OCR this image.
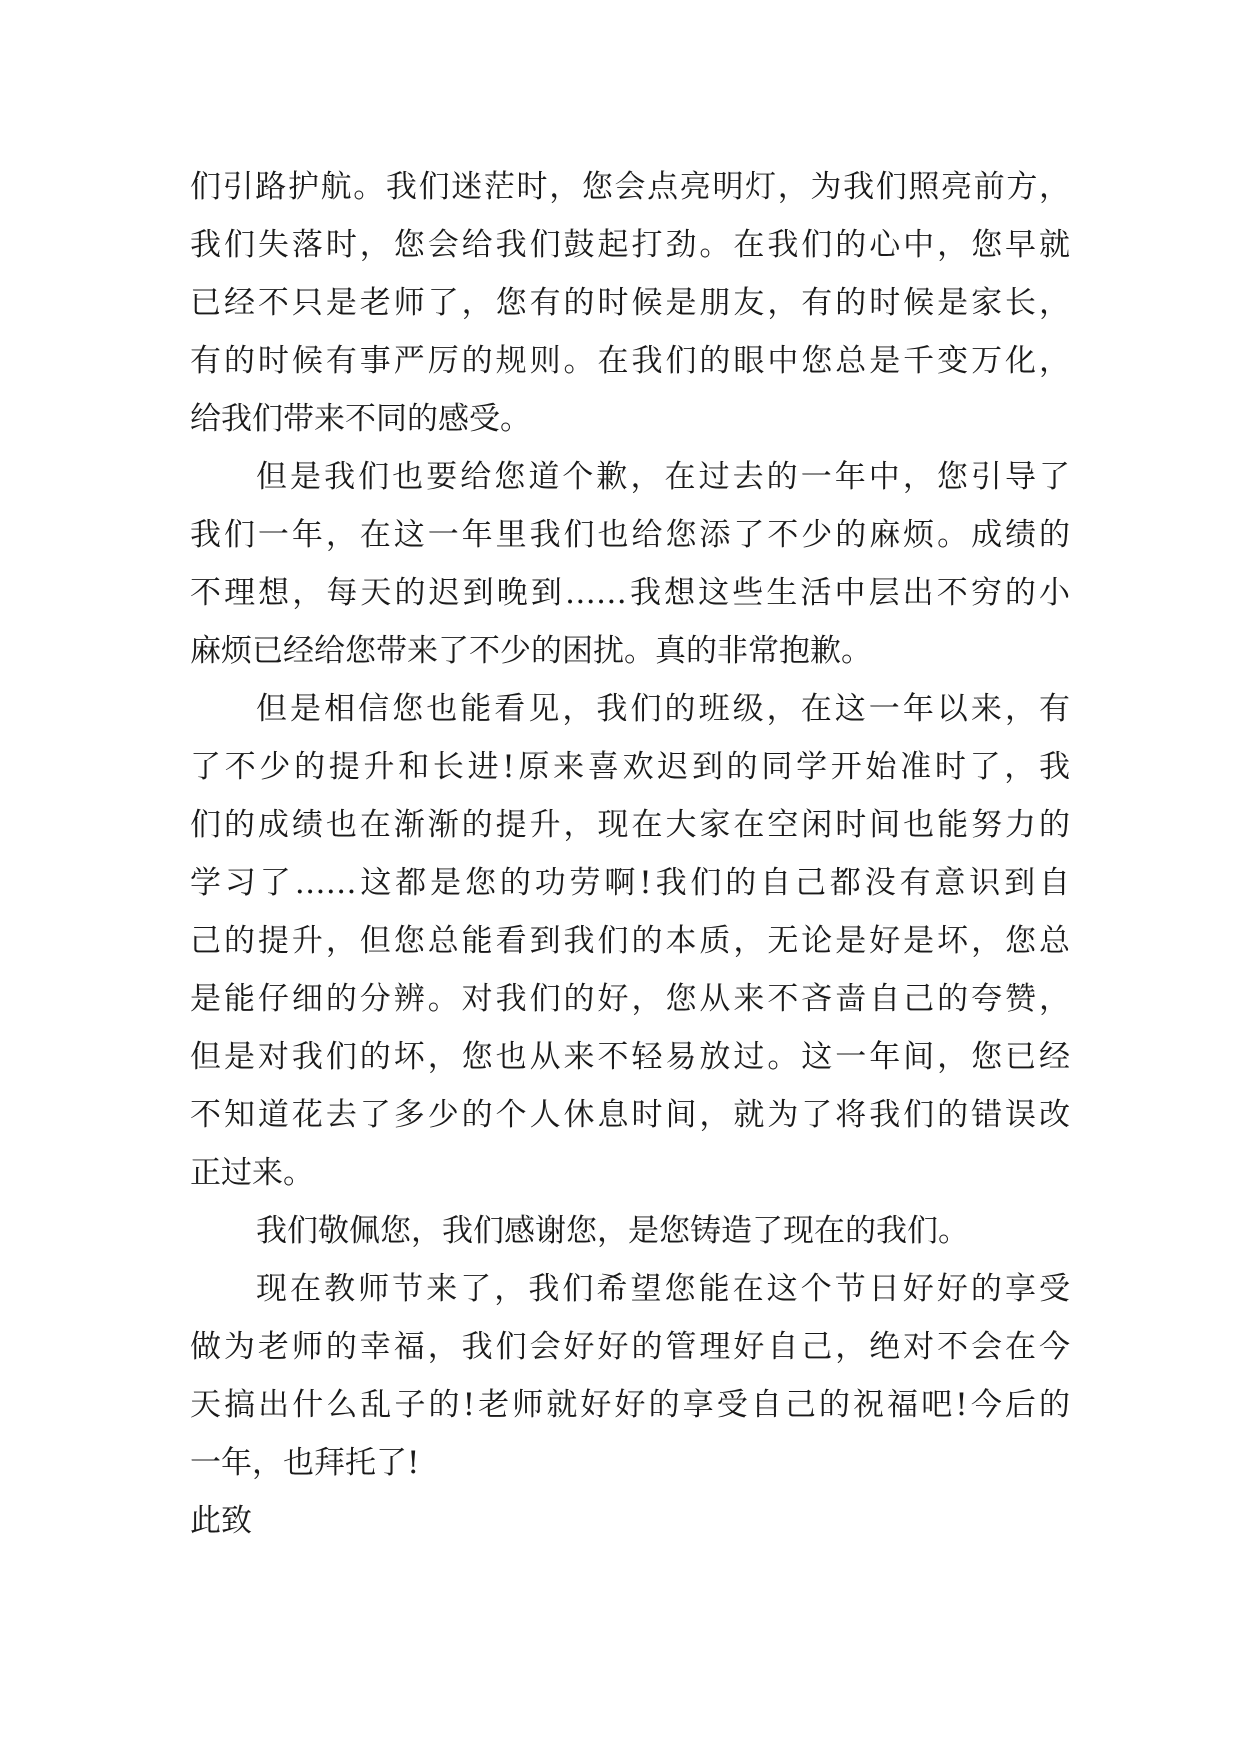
们引路护航。我们迷茫时，您会点亮明灯，为我们照亮前方，
我们失落时，您会给我们鼓起打劲。在我们的心中，您早就
已经不只是老师了，您有的时候是朋友，有的时候是家长，
有的时候有事严厉的规则。在我们的眼中您总是千变万化，
给我们带来不同的感受。
但是我们也要给您道个歉，在过去的一年中，您引导了
我们一年，在这一年里我们也给您添了不少的麻烦。成绩的
不理想，每天的迟到晚到……我想这些生活中层出不穷的小
麻烦已经给您带来了不少的困扰。真的非常抱歉。
但是相信您也能看见，我们的班级，在这一年以来，有
了不少的提升和长进!原来喜欢迟到的同学开始准时了，我
们的成绩也在渐渐的提升，现在大家在空闲时间也能努力的
学习了……这都是您的功劳啊!我们的自己都没有意识到自
己的提升，但您总能看到我们的本质，无论是好是坏，您总
是能仔细的分辨。对我们的好，您从来不吝啬自己的夸赞，
但是对我们的坏，您也从来不轻易放过。这一年间，您已经
不知道花去了多少的个人休息时间，就为了将我们的错误改
正过来。
我们敬佩您，我们感谢您，是您铸造了现在的我们。
现在教师节来了，我们希望您能在这个节日好好的享受
做为老师的幸福，我们会好好的管理好自己，绝对不会在今
天搞出什么乱子的!老师就好好的享受自己的祝福吧!今后的
一年，也拜托了!
此致
